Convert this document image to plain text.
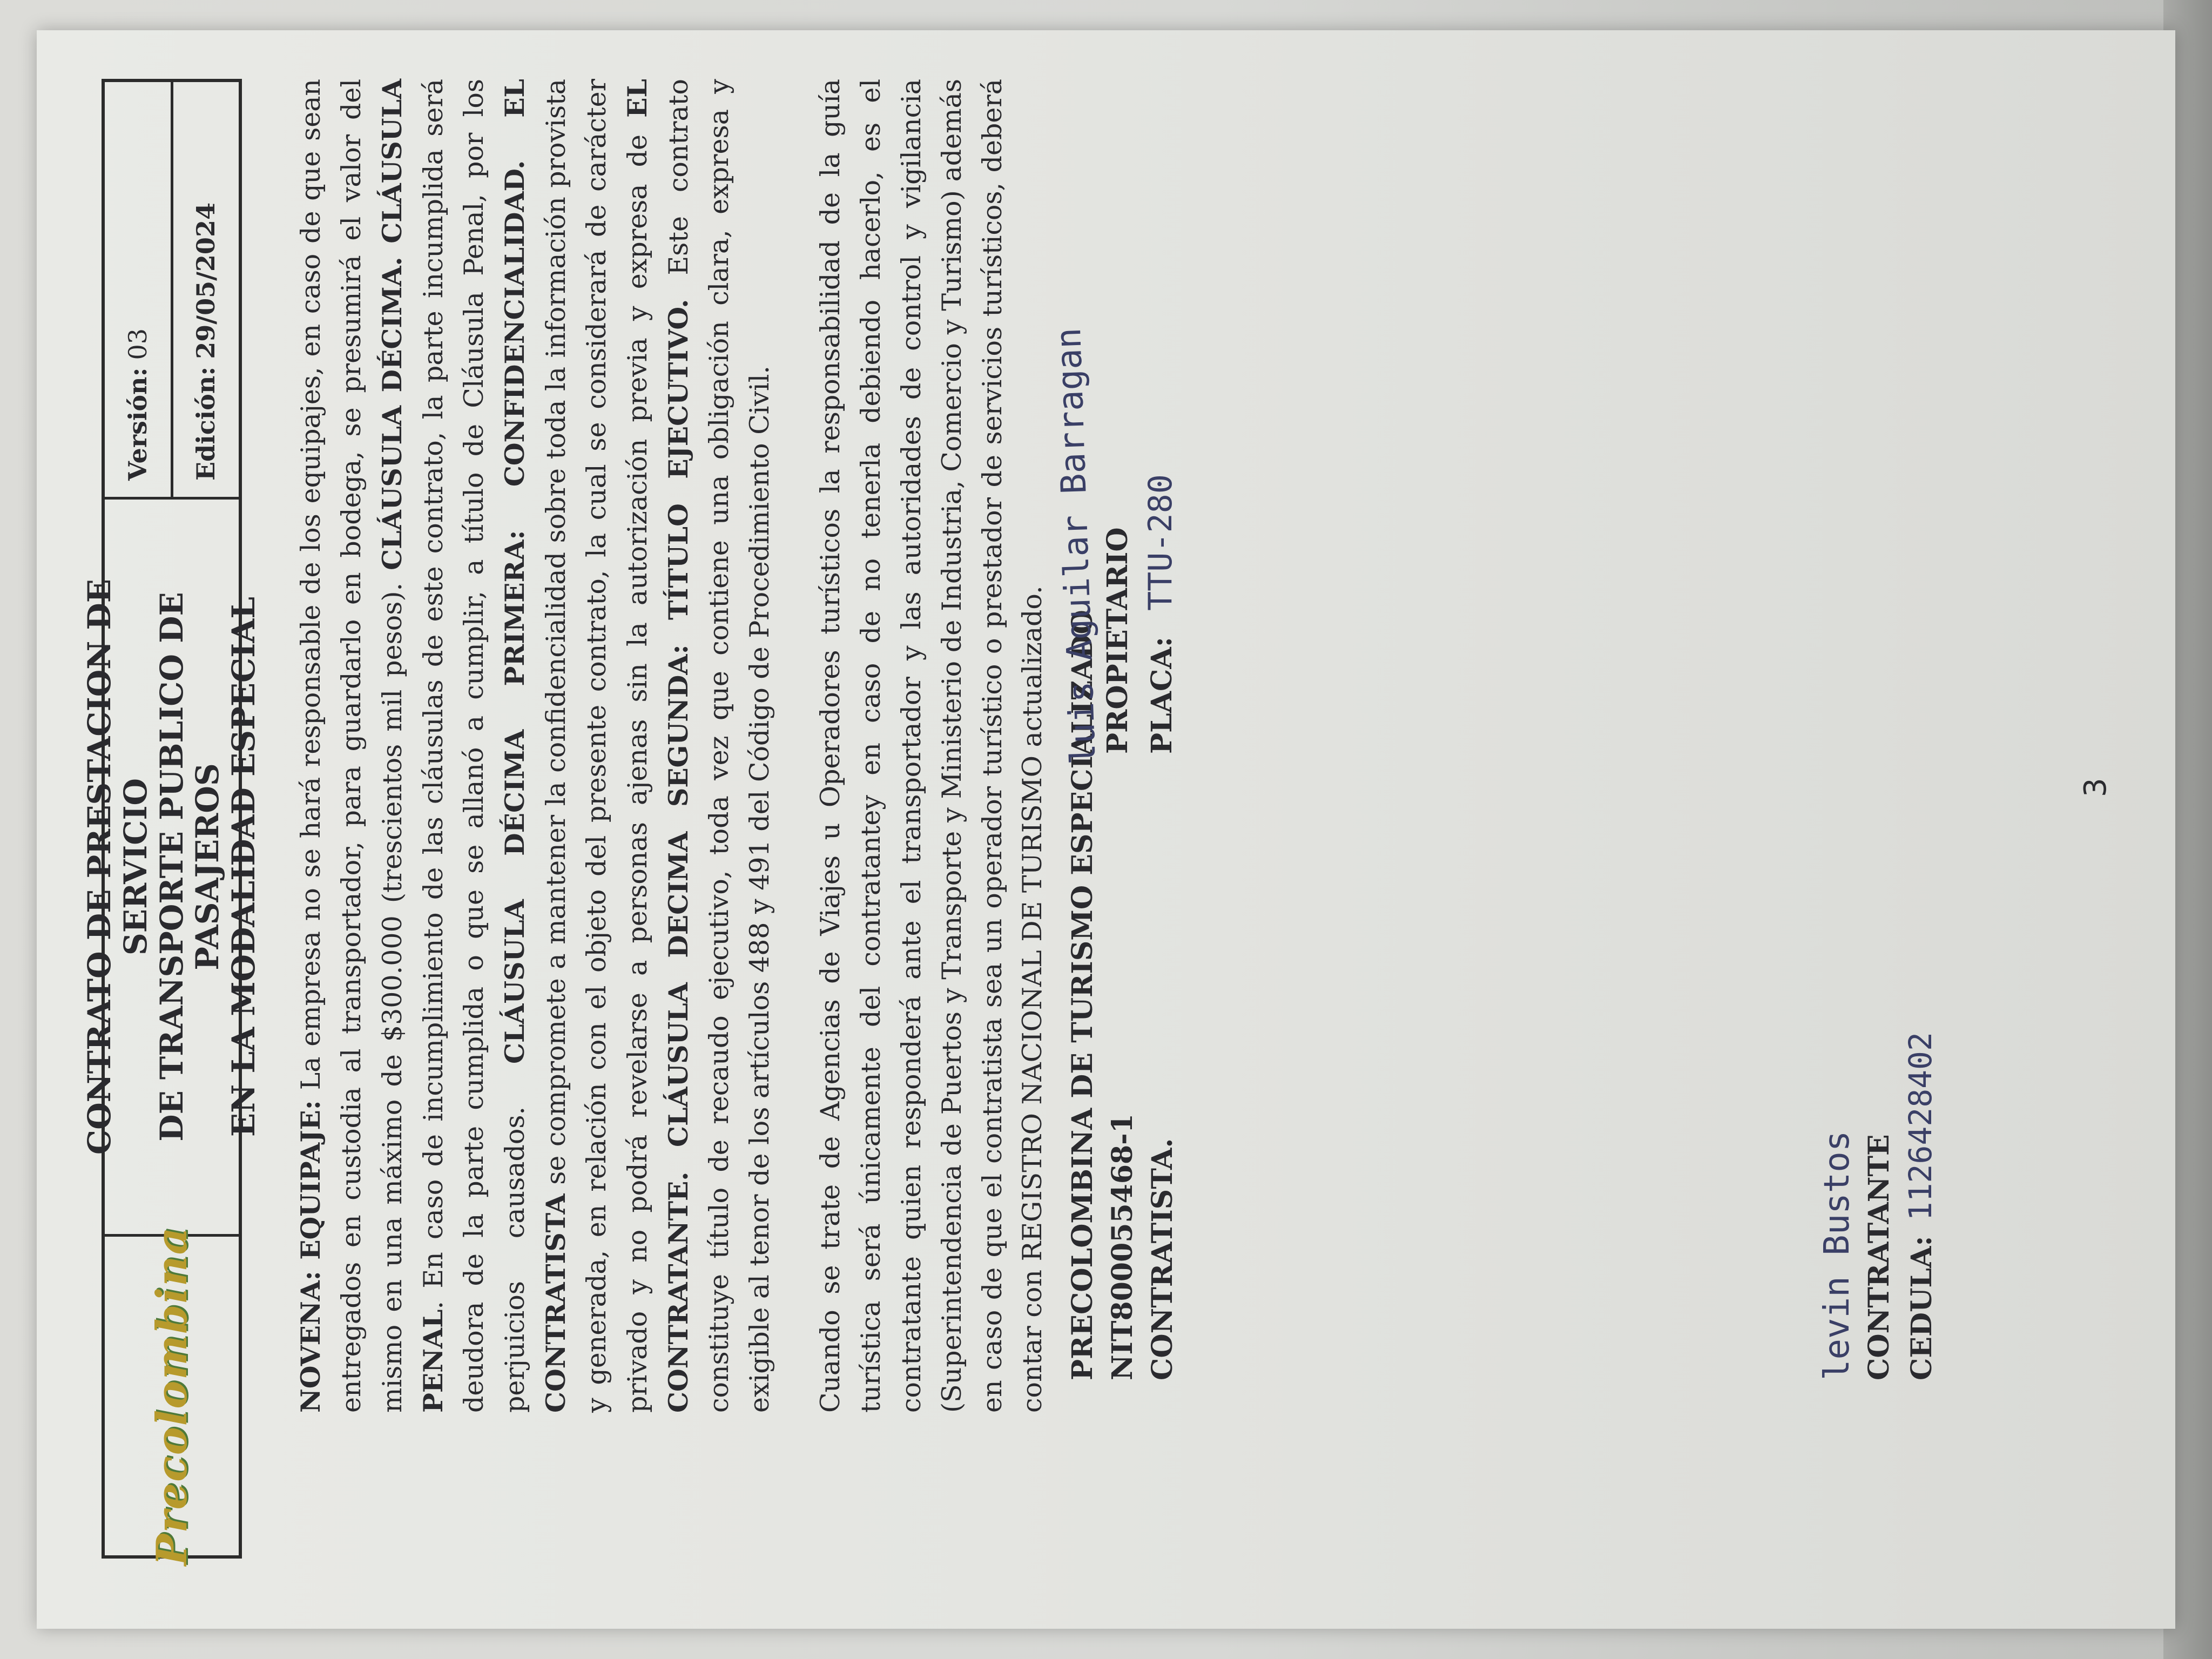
Precolombina
CONTRATO DE PRESTACION DE SERVICIO
DE TRANSPORTE PUBLICO DE PASAJEROS
EN LA MODALIDAD ESPECIAL
Versión:
03
Edición:
29/05/2024

NOVENA: EQUIPAJE: La empresa no se hará responsable de los equipajes, en caso de que sean entregados en custodia al transportador, para guardarlo en bodega, se presumirá el valor del mismo en una máximo de $300.000 (trescientos mil pesos). CLÁUSULA DÉCIMA. CLÁUSULA PENAL. En caso de incumplimiento de las cláusulas de este contrato, la parte incumplida será deudora de la parte cumplida o que se allanó a cumplir, a título de Cláusula Penal, por los perjuicios causados. CLÁUSULA DÉCIMA PRIMERA: CONFIDENCIALIDAD. EL CONTRATISTA se compromete a mantener la confidencialidad sobre toda la información provista y generada, en relación con el objeto del presente contrato, la cual se considerará de carácter privado y no podrá revelarse a personas ajenas sin la autorización previa y expresa de EL CONTRATANTE. CLÁUSULA DECIMA SEGUNDA: TÍTULO EJECUTIVO. Este contrato constituye título de recaudo ejecutivo, toda vez que contiene una obligación clara, expresa y exigible al tenor de los artículos 488 y 491 del Código de Procedimiento Civil. Cuando se trate de Agencias de Viajes u Operadores turísticos la responsabilidad de la guía turística será únicamente del contratantey en caso de no tenerla debiendo hacerlo, es el contratante quien responderá ante el transportador y las autoridades de control y vigilancia (Superintendencia de Puertos y Transporte y Ministerio de Industria, Comercio y Turismo) además en caso de que el contratista sea un operador turístico o prestador de servicios turísticos, deberá contar con REGISTRO NACIONAL DE TURISMO actualizado. PRECOLOMBINA DE TURISMO ESPECIALIZADO NIT800055468-1 CONTRATISTA.
luis Aguilar Barragan
PROPIETARIO PLACA: TTU-280
levin Bustos CONTRATANTE CEDULA: 1126428402
3
